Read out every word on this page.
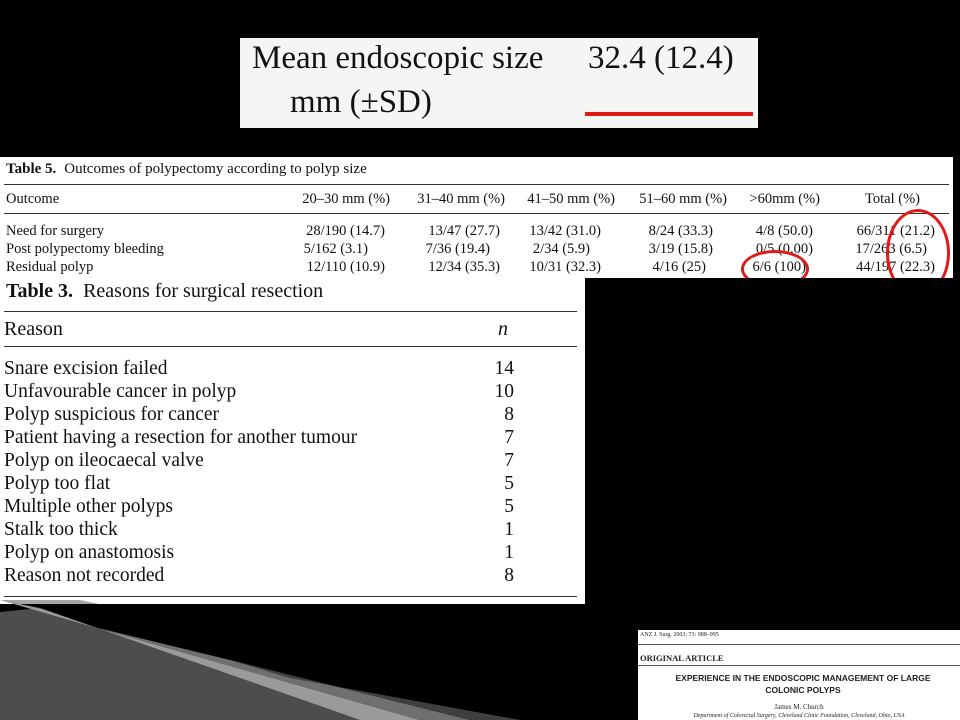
Mean endoscopic size 32.4 (12.4)
mm (±SD)
Table 5. Outcomes of polypectomy according to polyp size
Outcome	20–30 mm (%) 31–40 mm (%) 41–50 mm (%) 51–60 mm (%) >60mm (%)	Total (%)
Need for surgery	28/190 (14.7)	13/47 (27.7) 13/42 (31.0)	8/24 (33.3)	4/8 (50.0)	66/311 (21.2)
Post polypectomy bleeding	5/162 (3.1)	7/36 (19.4)	2/34 (5.9)	3/19 (15.8)	0/5 (0.00)	17/263 (6.5)
Residual polyp	12/110 (10.9)	12/34 (35.3) 10/31 (32.3)	4/16 (25)	6/6 (100)	44/197 (22.3)
Table 3. Reasons for surgical resection
Reason	n
Snare excision failed	14
Unfavourable cancer in polyp	10
Polyp suspicious for cancer	8
Patient having a resection for another tumour	7
Polyp on ileocaecal valve	7
Polyp too flat	5
Multiple other polyps	5
Stalk too thick	1
Polyp on anastomosis	1
Reason not recorded	8
ANZ J. Surg. 2003; 73: 988–995
ORIGINAL ARTICLE
EXPERIENCE IN THE ENDOSCOPIC MANAGEMENT OF LARGE COLONIC POLYPS
James M. Church
Department of Colorectal Surgery, Cleveland Clinic Foundation, Cleveland, Ohio, USA
